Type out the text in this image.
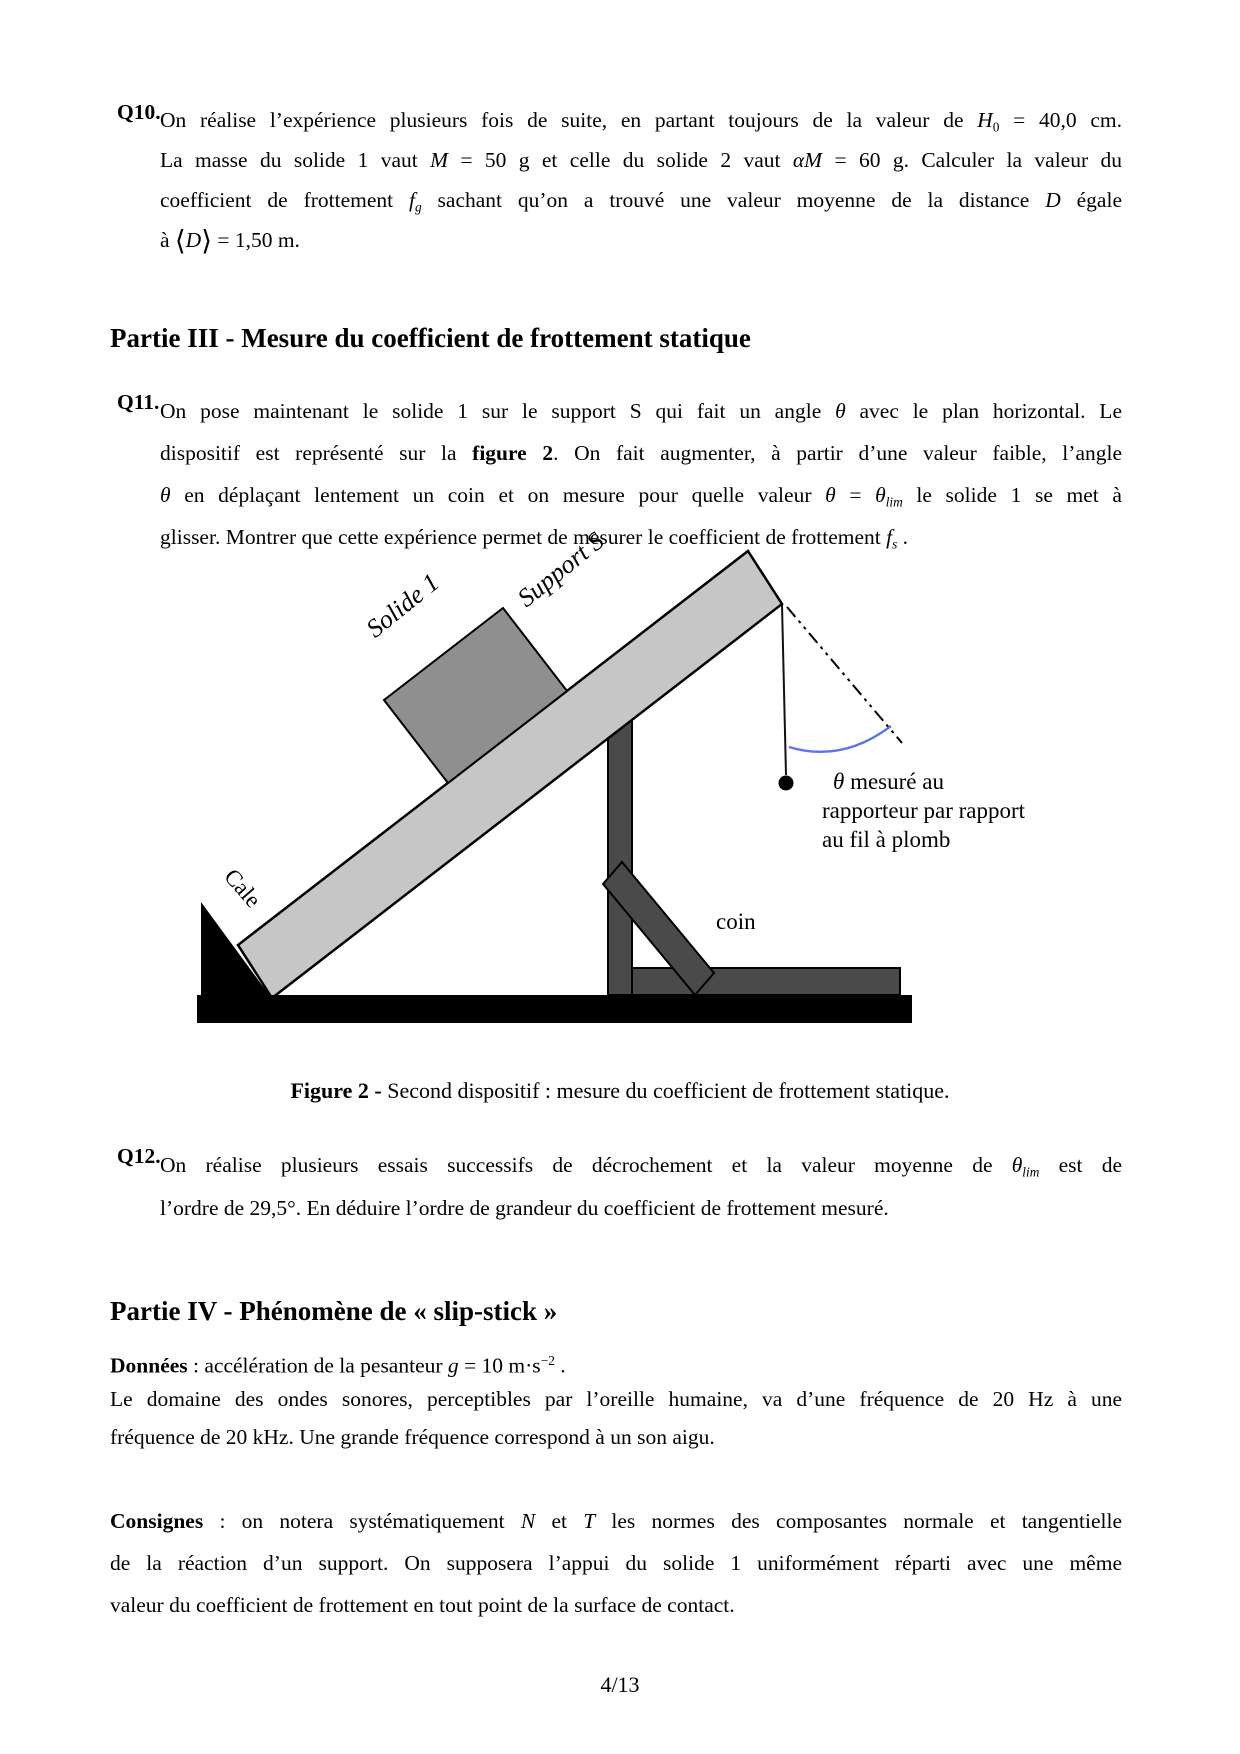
Q10. On réalise l’expérience plusieurs fois de suite, en partant toujours de la valeur de $H_0 = 40,0$ cm.
La masse du solide 1 vaut M = 50 g et celle du solide 2 vaut αM = 60 g. Calculer la valeur du
coefficient de frottement $f_g$ sachant qu’on a trouvé une valeur moyenne de la distance D égale
à ⟨D⟩ = 1,50 m.
Partie III - Mesure du coefficient de frottement statique
Q11. On pose maintenant le solide 1 sur le support S qui fait un angle θ avec le plan horizontal. Le
dispositif est représenté sur la figure 2. On fait augmenter, à partir d’une valeur faible, l’angle
θ en déplaçant lentement un coin et on mesure pour quelle valeur $\theta = \theta_{lim}$ le solide 1 se met à
glisser. Montrer que cette expérience permet de mesurer le coefficient de frottement $f_s$ .
Solide 1	Support S
Cale
coin
θ mesuré au
rapporteur par rapport
au fil à plomb
Figure 2 - Second dispositif : mesure du coefficient de frottement statique.
Q12. On réalise plusieurs essais successifs de décrochement et la valeur moyenne de $\theta_{lim}$ est de
l’ordre de 29,5°. En déduire l’ordre de grandeur du coefficient de frottement mesuré.
Partie IV - Phénomène de « slip-stick »
Données : accélération de la pesanteur g = 10 $m\cdot s^{-2}$ .
Le domaine des ondes sonores, perceptibles par l’oreille humaine, va d’une fréquence de 20 Hz à une
fréquence de 20 kHz. Une grande fréquence correspond à un son aigu.
Consignes : on notera systématiquement N et T les normes des composantes normale et tangentielle
de la réaction d’un support. On supposera l’appui du solide 1 uniformément réparti avec une même
valeur du coefficient de frottement en tout point de la surface de contact.
4/13
